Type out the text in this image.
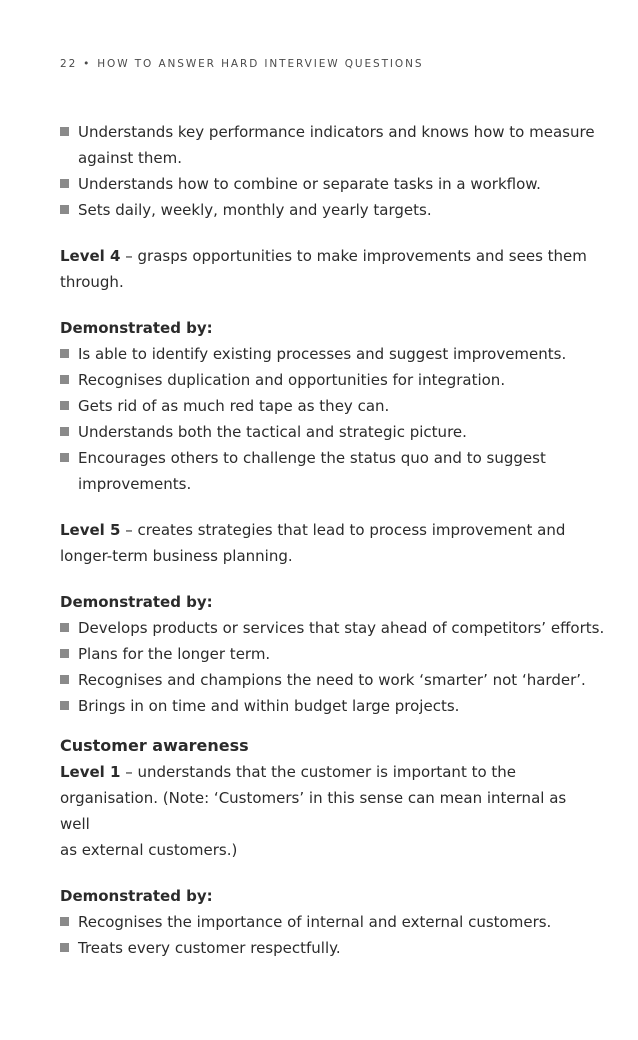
22 • HOW TO ANSWER HARD INTERVIEW QUESTIONS
Understands key performance indicators and knows how to measure
against them.
Understands how to combine or separate tasks in a workflow.
Sets daily, weekly, monthly and yearly targets.

Level 4 – grasps opportunities to make improvements and sees them
through.

Demonstrated by:

Is able to identify existing processes and suggest improvements.
Recognises duplication and opportunities for integration.
Gets rid of as much red tape as they can.
Understands both the tactical and strategic picture.
Encourages others to challenge the status quo and to suggest
improvements.

Level 5 – creates strategies that lead to process improvement and
longer-term business planning.

Demonstrated by:

Develops products or services that stay ahead of competitors’ efforts.
Plans for the longer term.
Recognises and champions the need to work ‘smarter’ not ‘harder’.
Brings in on time and within budget large projects.

Customer awareness

Level 1 – understands that the customer is important to the
organisation. (Note: ‘Customers’ in this sense can mean internal as well
as external customers.)

Demonstrated by:

Recognises the importance of internal and external customers.
Treats every customer respectfully.
